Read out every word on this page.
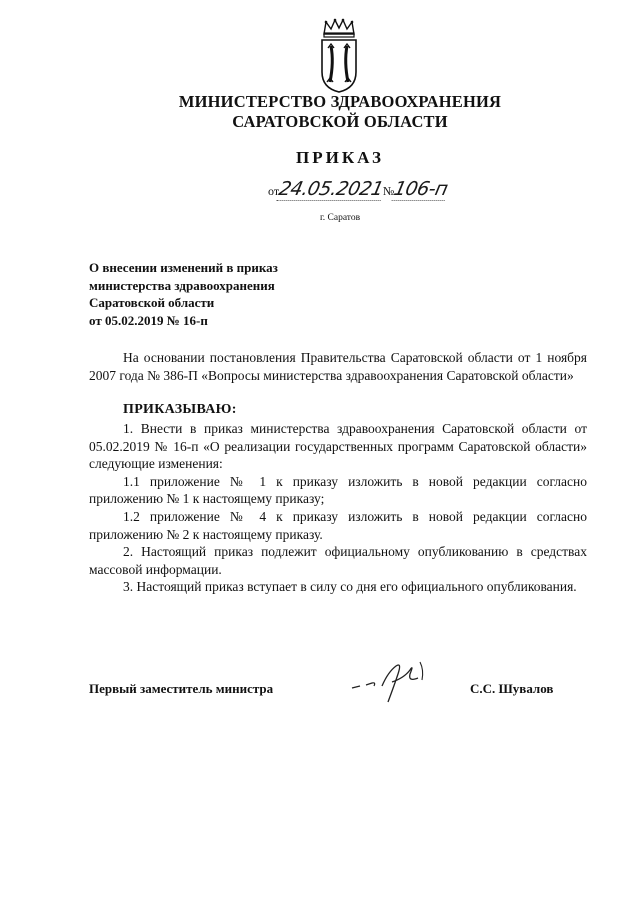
МИНИСТЕРСТВО ЗДРАВООХРАНЕНИЯ
САРАТОВСКОЙ ОБЛАСТИ
ПРИКАЗ
от24.05.2021№106-п
г. Саратов
О внесении изменений в приказ
министерства здравоохранения
Саратовской области
от 05.02.2019 № 16-п

На основании постановления Правительства Саратовской области от 1 ноября 2007 года № 386-П «Вопросы министерства здравоохранения Саратовской области»

ПРИКАЗЫВАЮ:

1. Внести в приказ министерства здравоохранения Саратовской области от 05.02.2019 № 16-п «О реализации государственных программ Саратовской области» следующие изменения:

1.1 приложение № 1 к приказу изложить в новой редакции согласно приложению № 1 к настоящему приказу;

1.2 приложение № 4 к приказу изложить в новой редакции согласно приложению № 2 к настоящему приказу.

2. Настоящий приказ подлежит официальному опубликованию в средствах массовой информации.

3. Настоящий приказ вступает в силу со дня его официального опубликования.

Первый заместитель министра	С.С. Шувалов
